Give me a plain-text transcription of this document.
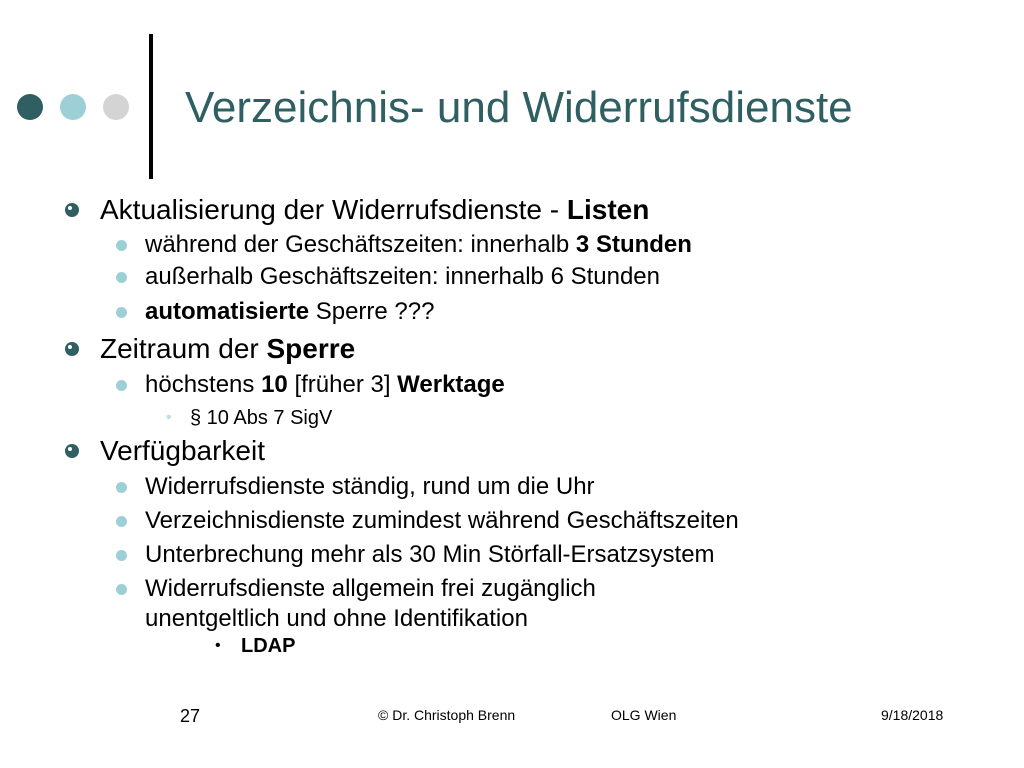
Verzeichnis- und Widerrufsdienste
Aktualisierung der Widerrufsdienste - Listen
während der Geschäftszeiten: innerhalb 3 Stunden
außerhalb Geschäftszeiten: innerhalb 6 Stunden
automatisierte Sperre ???
Zeitraum der Sperre
höchstens 10 [früher 3] Werktage
• § 10 Abs 7 SigV
Verfügbarkeit
Widerrufsdienste ständig, rund um die Uhr
Verzeichnisdienste zumindest während Geschäftszeiten
Unterbrechung mehr als 30 Min Störfall-Ersatzsystem
Widerrufsdienste allgemein frei zugänglich
unentgeltlich und ohne Identifikation
• LDAP
27	© Dr. Christoph Brenn	OLG Wien	9/18/2018
